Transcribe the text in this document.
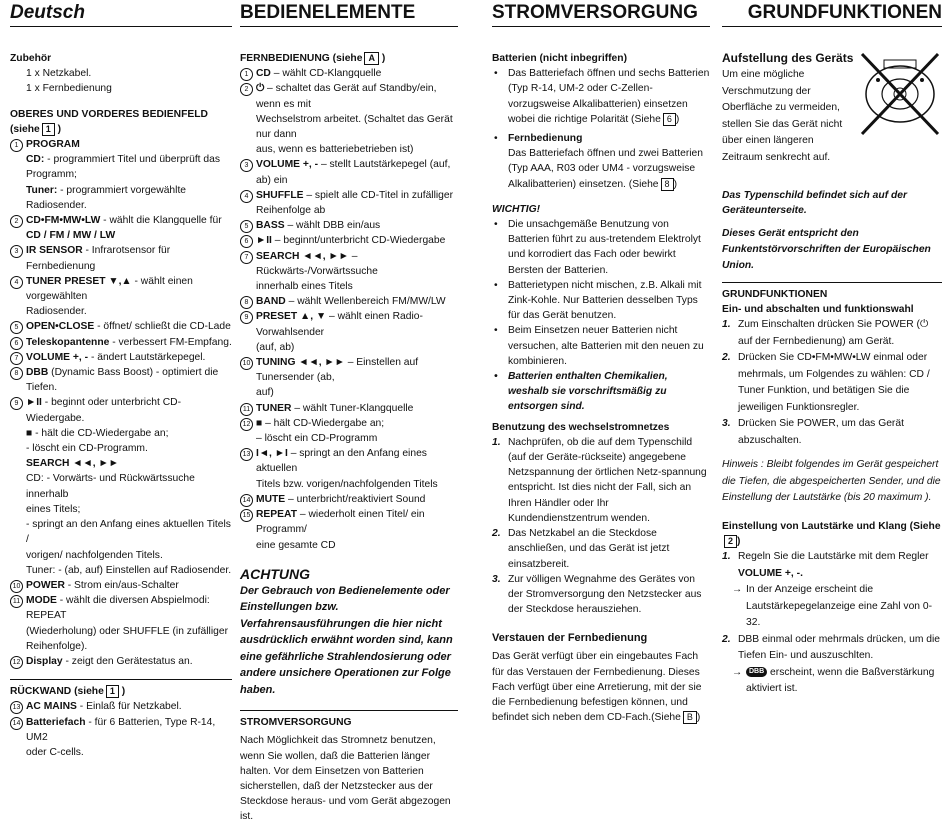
Deutsch
Zubehör
1 x Netzkabel.
1 x Fernbedienung
OBERES UND VORDERES BEDIENFELD (siehe 1 )
1 PROGRAM
CD: - programmiert Titel und überprüft das Programm;
Tuner: - programmiert vorgewählte Radiosender.
2 CD•FM•MW•LW - wählt die Klangquelle für
CD / FM / MW / LW
3 IR SENSOR - Infrarotsensor für Fernbedienung
4 TUNER PRESET ▼,▲ - wählt einen vorgewählten
Radiosender.
5 OPEN•CLOSE - öffnet/ schließt die CD-Lade
6 Teleskopantenne - verbessert FM-Empfang.
7 VOLUME +, - - ändert Lautstärkepegel.
8 DBB (Dynamic Bass Boost) - optimiert die Tiefen.
9 ►II - beginnt oder unterbricht CD-Wiedergabe.
■ - hält die CD-Wiedergabe an;
- löscht ein CD-Programm.
SEARCH ◄◄, ►►
CD: - Vorwärts- und Rückwärtssuche innerhalb
eines Titels;
- springt an den Anfang eines aktuellen Titels /
vorigen/ nachfolgenden Titels.
Tuner: - (ab, auf) Einstellen auf Radiosender.
10 POWER - Strom ein/aus-Schalter
11 MODE - wählt die diversen Abspielmodi: REPEAT
(Wiederholung) oder SHUFFLE (in zufälliger
Reihenfolge).
12 Display - zeigt den Gerätestatus an.
RÜCKWAND (siehe 1 )
13 AC MAINS - Einlaß für Netzkabel.
14 Batteriefach - für 6 Batterien, Type R-14, UM2
oder C-cells.
BEDIENELEMENTE
FERNBEDIENUNG (siehe A )
1 CD – wählt CD-Klangquelle
2 ⏻ – schaltet das Gerät auf Standby/ein, wenn es mit
Wechselstrom arbeitet. (Schaltet das Gerät nur dann
aus, wenn es batteriebetrieben ist)
3 VOLUME +, - – stellt Lautstärkepegel (auf, ab) ein
4 SHUFFLE – spielt alle CD-Titel in zufälliger
Reihenfolge ab
5 BASS – wählt DBB ein/aus
6 ►II – beginnt/unterbricht CD-Wiedergabe
7 SEARCH ◄◄, ►► – Rückwärts-/Vorwärtssuche
innerhalb eines Titels
8 BAND – wählt Wellenbereich FM/MW/LW
9 PRESET ▲, ▼ – wählt einen Radio-Vorwahlsender
(auf, ab)
10 TUNING ◄◄, ►► – Einstellen auf Tunersender (ab,
auf)
11 TUNER – wählt Tuner-Klangquelle
12 ■ – hält CD-Wiedergabe an;
– löscht ein CD-Programm
13 I◄, ►I – springt an den Anfang eines aktuellen
Titels bzw. vorigen/nachfolgenden Titels
14 MUTE – unterbricht/reaktiviert Sound
15 REPEAT – wiederholt einen Titel/ ein Programm/
eine gesamte CD
ACHTUNG
Der Gebrauch von Bedienelemente oder Einstellungen bzw. Verfahrensausführungen die hier nicht ausdrücklich erwähnt worden sind, kann eine gefährliche Strahlendosierung oder andere unsichere Operationen zur Folge haben.
STROMVERSORGUNG
Nach Möglichkeit das Stromnetz benutzen, wenn Sie wollen, daß die Batterien länger halten. Vor dem Einsetzen von Batterien sicherstellen, daß der Netzstecker aus der Steckdose heraus- und vom Gerät abgezogen ist.
STROMVERSORGUNG
Batterien (nicht inbegriffen)
• Das Batteriefach öffnen und sechs Batterien (Typ R-14, UM-2 oder C-Zellen- vorzugsweise Alkalibatterien) einsetzen wobei die richtige Polarität (Siehe 6 )
• Fernbedienung
Das Batteriefach öffnen und zwei Batterien (Typ AAA, R03 oder UM4 - vorzugsweise Alkalibatterien) einsetzen. (Siehe 8 )
WICHTIG!
• Die unsachgemäße Benutzung von Batterien führt zu aus-tretendem Elektrolyt und korrodiert das Fach oder bewirkt Bersten der Batterien.
• Batterietypen nicht mischen, z.B. Alkali mit Zink-Kohle. Nur Batterien desselben Typs für das Gerät benutzen.
• Beim Einsetzen neuer Batterien nicht versuchen, alte Batterien mit den neuen zu kombinieren.
• Batterien enthalten Chemikalien, weshalb sie vorschriftsmäßig zu entsorgen sind.
Benutzung des wechselstromnetzes
1. Nachprüfen, ob die auf dem Typenschild (auf der Geräte-rückseite) angegebene Netzspannung der örtlichen Netz-spannung entspricht. Ist dies nicht der Fall, sich an Ihren Händler oder Ihr Kundendienstzentrum wenden.
2. Das Netzkabel an die Steckdose anschließen, und das Gerät ist jetzt einsatzbereit.
3. Zur völligen Wegnahme des Gerätes von der Stromversorgung den Netzstecker aus der Steckdose herausziehen.
Verstauen der Fernbedienung
Das Gerät verfügt über ein eingebautes Fach für das Verstauen der Fernbedienung. Dieses Fach verfügt über eine Arretierung, mit der sie die Fernbedienung befestigen können, und befindet sich neben dem CD-Fach.(Siehe B )
GRUNDFUNKTIONEN
Aufstellung des Geräts
Um eine mögliche Verschmutzung der Oberfläche zu vermeiden, stellen Sie das Gerät nicht über einen längeren Zeitraum senkrecht auf.
Das Typenschild befindet sich auf der Geräteunterseite.
Dieses Gerät entspricht den Funkentstörvorschriften der Europäischen Union.
GRUNDFUNKTIONEN
Ein- und abschalten und funktionswahl
1. Zum Einschalten drücken Sie POWER (⏻ auf der Fernbedienung) am Gerät.
2. Drücken Sie CD•FM•MW•LW einmal oder mehrmals, um Folgendes zu wählen: CD / Tuner Funktion, und betätigen Sie die jeweiligen Funktionsregler.
3. Drücken Sie POWER, um das Gerät abzuschalten.
Hinweis : Bleibt folgendes im Gerät gespeichert die Tiefen, die abgespeicherten Sender, und die Einstellung der Lautstärke (bis 20 maximum ).
Einstellung von Lautstärke und Klang (Siehe2 )
1. Regeln Sie die Lautstärke mit dem Regler
VOLUME +, -.
→ In der Anzeige erscheint die Lautstärkepegelanzeige eine Zahl von 0-32.
2. DBB einmal oder mehrmals drücken, um die Tiefen Ein- und auszuschlten.
→ DBB erscheint, wenn die Baßverstärkung aktiviert ist.
